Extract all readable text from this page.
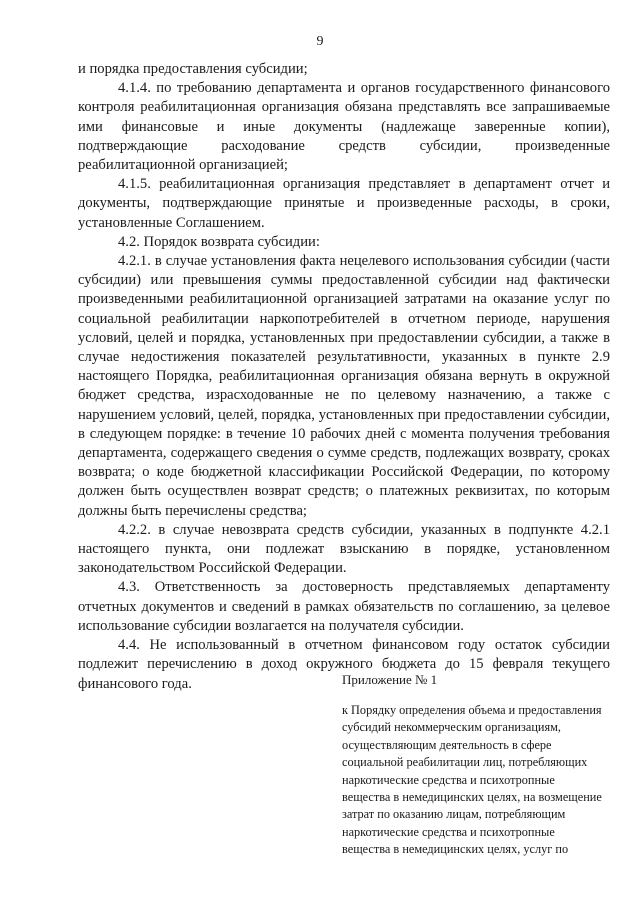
9

и порядка предоставления субсидии;

4.1.4. по требованию департамента и органов государственного финансового контроля реабилитационная организация обязана представлять все запрашиваемые ими финансовые и иные документы (надлежаще заверенные копии), подтверждающие расходование средств субсидии, произведенные реабилитационной организацией;

4.1.5. реабилитационная организация представляет в департамент отчет и документы, подтверждающие принятые и произведенные расходы, в сроки, установленные Соглашением.

4.2. Порядок возврата субсидии:

4.2.1. в случае установления факта нецелевого использования субсидии (части субсидии) или превышения суммы предоставленной субсидии над фактически произведенными реабилитационной организацией затратами на оказание услуг по социальной реабилитации наркопотребителей в отчетном периоде, нарушения условий, целей и порядка, установленных при предоставлении субсидии, а также в случае недостижения показателей результативности, указанных в пункте 2.9 настоящего Порядка, реабилитационная организация обязана вернуть в окружной бюджет средства, израсходованные не по целевому назначению, а также с нарушением условий, целей, порядка, установленных при предоставлении субсидии, в следующем порядке: в течение 10 рабочих дней с момента получения требования департамента, содержащего сведения о сумме средств, подлежащих возврату, сроках возврата; о коде бюджетной классификации Российской Федерации, по которому должен быть осуществлен возврат средств; о платежных реквизитах, по которым должны быть перечислены средства;

4.2.2. в случае невозврата средств субсидии, указанных в подпункте 4.2.1 настоящего пункта, они подлежат взысканию в порядке, установленном законодательством Российской Федерации.

4.3. Ответственность за достоверность представляемых департаменту отчетных документов и сведений в рамках обязательств по соглашению, за целевое использование субсидии возлагается на получателя субсидии.

4.4. Не использованный в отчетном финансовом году остаток субсидии подлежит перечислению в доход окружного бюджета до 15 февраля текущего финансового года.	Приложение № 1
к Порядку определения объема и предоставления
субсидий некоммерческим организациям,
осуществляющим деятельность в сфере
социальной реабилитации лиц, потребляющих
наркотические средства и психотропные
вещества в немедицинских целях, на возмещение
затрат по оказанию лицам, потребляющим
наркотические средства и психотропные
вещества в немедицинских целях, услуг по
